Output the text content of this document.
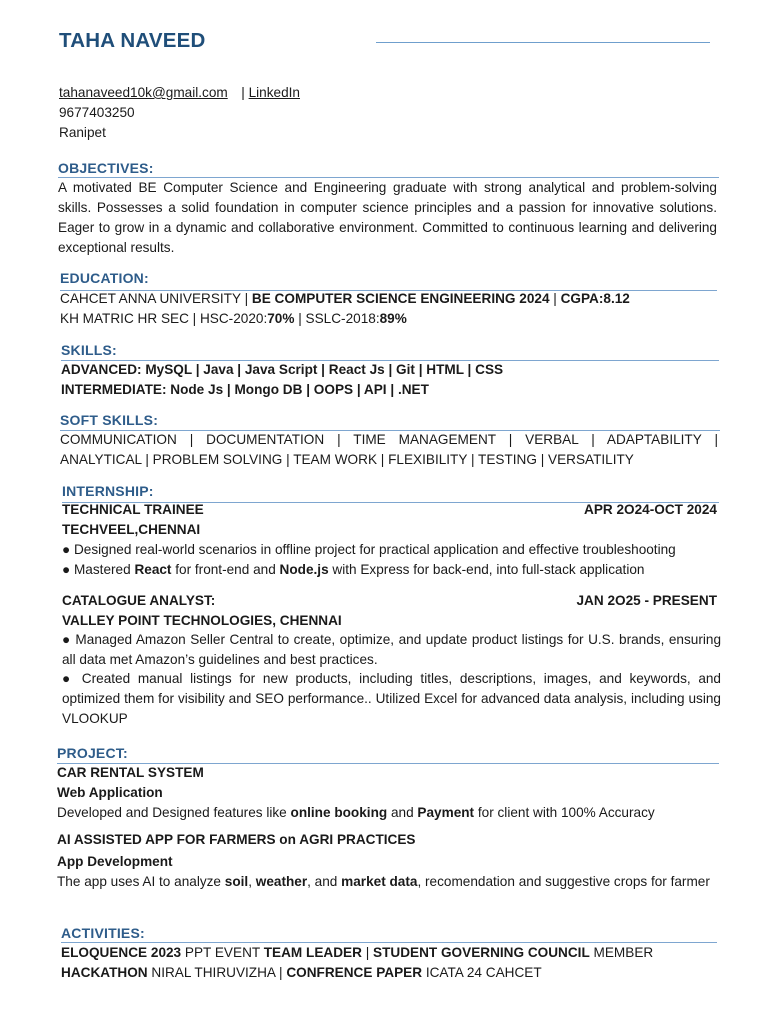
TAHA NAVEED
tahanaveed10k@gmail.com | LinkedIn
9677403250
Ranipet
OBJECTIVES:
A motivated BE Computer Science and Engineering graduate with strong analytical and problem-solving skills. Possesses a solid foundation in computer science principles and a passion for innovative solutions. Eager to grow in a dynamic and collaborative environment. Committed to continuous learning and delivering exceptional results.
EDUCATION:
CAHCET ANNA UNIVERSITY | BE COMPUTER SCIENCE ENGINEERING 2024 | CGPA:8.12
KH MATRIC HR SEC | HSC-2020:70% | SSLC-2018:89%
SKILLS:
ADVANCED: MySQL | Java | Java Script | React Js | Git | HTML | CSS
INTERMEDIATE: Node Js | Mongo DB | OOPS | API | .NET
SOFT SKILLS:
COMMUNICATION | DOCUMENTATION | TIME MANAGEMENT | VERBAL | ADAPTABILITY |
ANALYTICAL | PROBLEM SOLVING | TEAM WORK | FLEXIBILITY | TESTING | VERSATILITY
INTERNSHIP:
TECHNICAL TRAINEE	APR 2O24-OCT 2024
TECHVEEL,CHENNAI
● Designed real-world scenarios in offline project for practical application and effective troubleshooting
● Mastered React for front-end and Node.js with Express for back-end, into full-stack application
CATALOGUE ANALYST:	JAN 2O25 - PRESENT
VALLEY POINT TECHNOLOGIES, CHENNAI
● Managed Amazon Seller Central to create, optimize, and update product listings for U.S. brands, ensuring all data met Amazon’s guidelines and best practices.
● Created manual listings for new products, including titles, descriptions, images, and keywords, and optimized them for visibility and SEO performance.. Utilized Excel for advanced data analysis, including using VLOOKUP
PROJECT:
CAR RENTAL SYSTEM
Web Application
Developed and Designed features like online booking and Payment for client with 100% Accuracy
AI ASSISTED APP FOR FARMERS on AGRI PRACTICES
App Development
The app uses AI to analyze soil, weather, and market data, recomendation and suggestive crops for farmer
ACTIVITIES:
ELOQUENCE 2023 PPT EVENT TEAM LEADER | STUDENT GOVERNING COUNCIL MEMBER
HACKATHON NIRAL THIRUVIZHA | CONFRENCE PAPER ICATA 24 CAHCET
